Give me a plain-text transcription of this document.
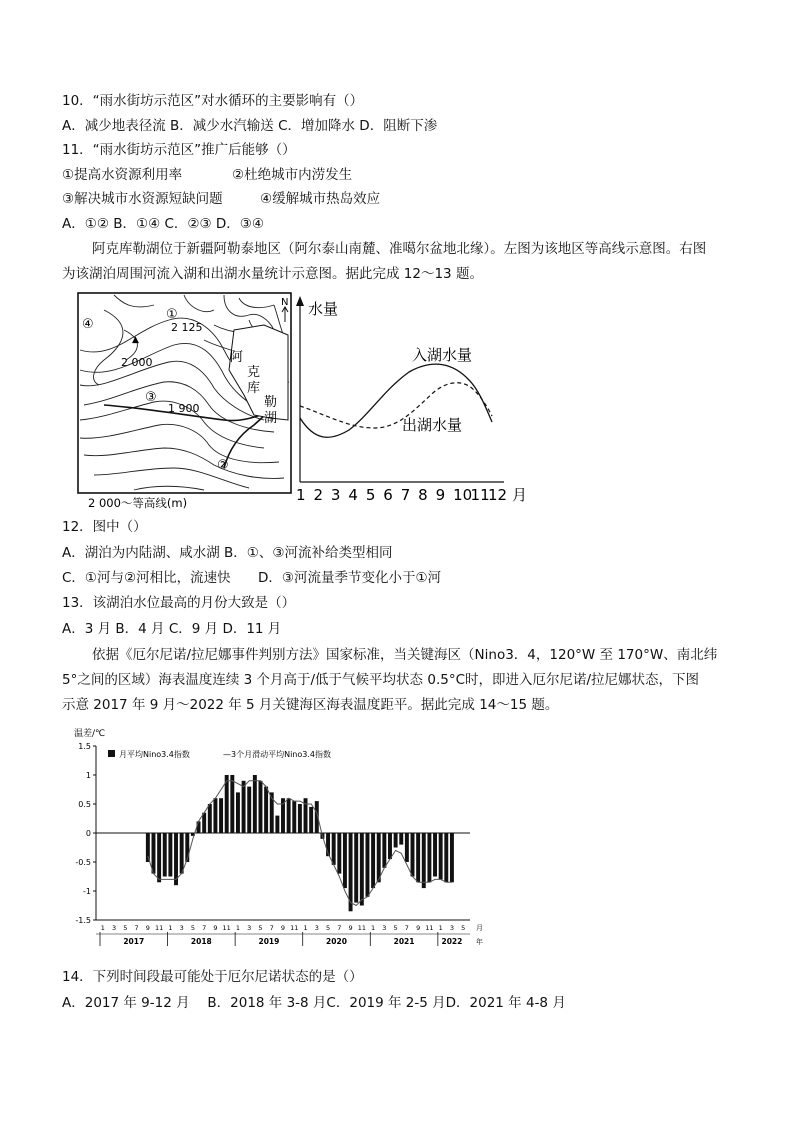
10．“雨水街坊示范区”对水循环的主要影响有（）
A．减少地表径流 B．减少水汽输送 C．增加降水 D．阻断下渗
11．“雨水街坊示范区”推广后能够（）
①提高水资源利用率	②杜绝城市内涝发生
③解决城市水资源短缺问题	④缓解城市热岛效应
A．①② B．①④ C．②③ D．③④
阿克库勒湖位于新疆阿勒泰地区（阿尔泰山南麓、准噶尔盆地北缘）。左图为该地区等高线示意图。右图
为该湖泊周围河流入湖和出湖水量统计示意图。据此完成 12～13 题。
2 125
▲
2 000
1 900
①
②
③
④
N
阿
克
库
勒
湖
2 000～等高线(m)
水量
入湖水量
出湖水量
1 2 3 4 5 6 7 8 9 10
11
12 月
12．图中（）
A．湖泊为内陆湖、咸水湖 B．①、③河流补给类型相同
C．①河与②河相比，流速快 D．③河流量季节变化小于①河
13．该湖泊水位最高的月份大致是（）
A．3 月 B．4 月 C．9 月 D．11 月
依据《厄尔尼诺/拉尼娜事件判别方法》国家标准，当关键海区（Nino3．4，120°W 至 170°W、南北纬
5°之间的区域）海表温度连续 3 个月高于/低于气候平均状态 0.5°C时，即进入厄尔尼诺/拉尼娜状态，下图
示意 2017 年 9 月～2022 年 5 月关键海区海表温度距平。据此完成 14～15 题。
温差/℃
月平均Nino3.4指数	—3个月滑动平均Nino3.4指数
1.5
1
0.5
0
-0.5
-1
-1.5
1 3 5 7 9 11 1 3 5 7 9 11 1 3 5 7 9 11 1 3 5 7 9 11 1 3 5 7 9 11 1 3 5 月
2017	2018	2019	2020	2021	2022 年
14．下列时间段最可能处于厄尔尼诺状态的是（）
A．2017 年 9-12 月　 B．2018 年 3-8 月C．2019 年 2-5 月D．2021 年 4-8 月
